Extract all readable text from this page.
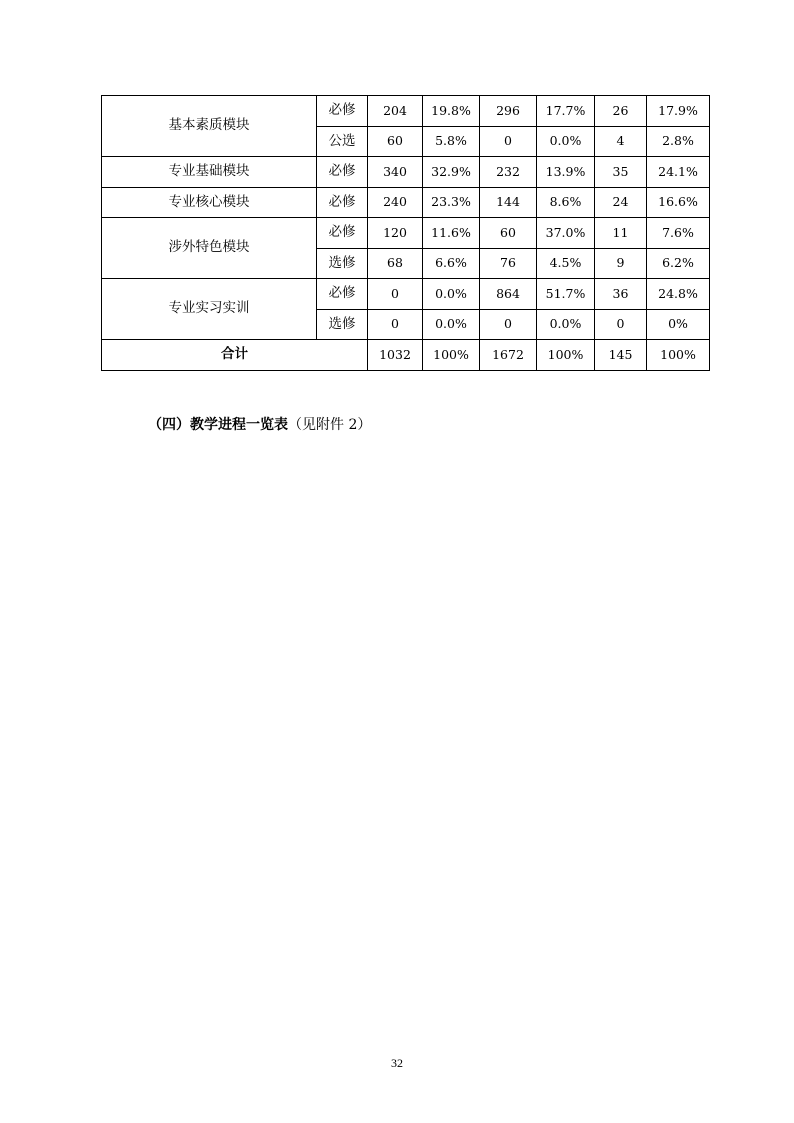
基本素质模块	必修	204	19.8%	296	17.7%	26	17.9%
	公选	60	5.8%	0	0.0%	4	2.8%
专业基础模块	必修	340	32.9%	232	13.9%	35	24.1%
专业核心模块	必修	240	23.3%	144	8.6%	24	16.6%
涉外特色模块	必修	120	11.6%	60	37.0%	11	7.6%
	选修	68	6.6%	76	4.5%	9	6.2%
专业实习实训	必修	0	0.0%	864	51.7%	36	24.8%
	选修	0	0.0%	0	0.0%	0	0%
合计		1032	100%	1672	100%	145	100%
（四）教学进程一览表（见附件 2）
32
